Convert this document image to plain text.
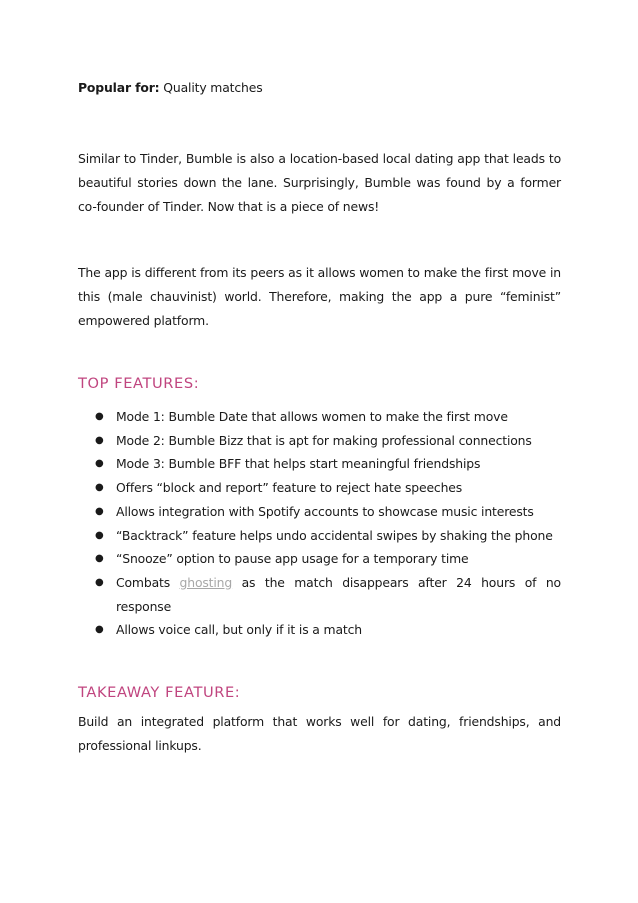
Popular for: Quality matches

Similar to Tinder, Bumble is also a location-based local dating app that leads to beautiful stories down the lane. Surprisingly, Bumble was found by a former co-founder of Tinder. Now that is a piece of news!

The app is different from its peers as it allows women to make the first move in this (male chauvinist) world. Therefore, making the app a pure “feminist” empowered platform.

TOP FEATURES:
● Mode 1: Bumble Date that allows women to make the first move
● Mode 2: Bumble Bizz that is apt for making professional connections
● Mode 3: Bumble BFF that helps start meaningful friendships
● Offers “block and report” feature to reject hate speeches
● Allows integration with Spotify accounts to showcase music interests
● “Backtrack” feature helps undo accidental swipes by shaking the phone
● “Snooze” option to pause app usage for a temporary time
● Combats ghosting as the match disappears after 24 hours of no response
● Allows voice call, but only if it is a match
TAKEAWAY FEATURE:

Build an integrated platform that works well for dating, friendships, and professional linkups.
